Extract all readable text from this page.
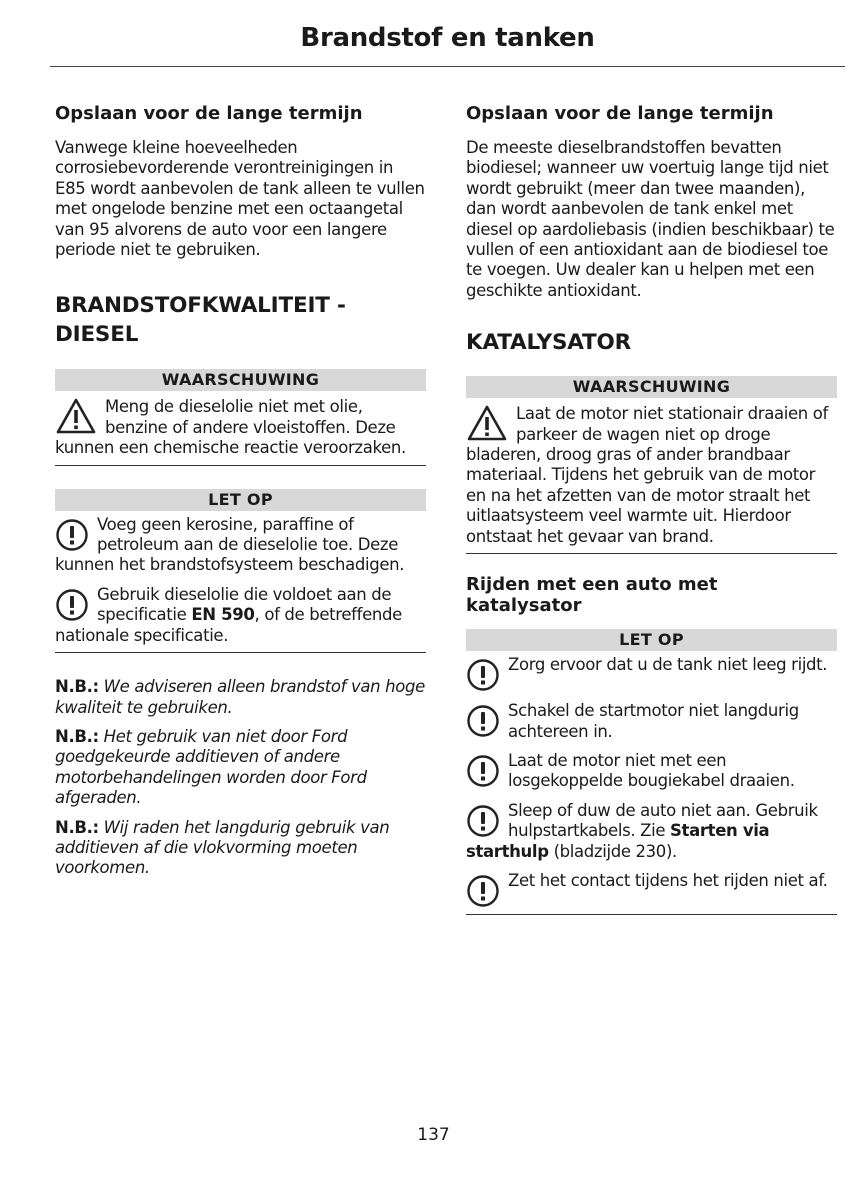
Brandstof en tanken
Opslaan voor de lange termijn

Vanwege kleine hoeveelheden corrosiebevorderende verontreinigingen in E85 wordt aanbevolen de tank alleen te vullen met ongelode benzine met een octaangetal van 95 alvorens de auto voor een langere periode niet te gebruiken.

BRANDSTOFKWALITEIT -
DIESEL
WAARSCHUWING
Meng de dieselolie niet met olie, benzine of andere vloeistoffen. Deze kunnen een chemische reactie veroorzaken.
LET OP
Voeg geen kerosine, paraffine of petroleum aan de dieselolie toe. Deze kunnen het brandstofsysteem beschadigen.
Gebruik dieselolie die voldoet aan de specificatie EN 590, of de betreffende nationale specificatie.

N.B.: We adviseren alleen brandstof van hoge kwaliteit te gebruiken.

N.B.: Het gebruik van niet door Ford goedgekeurde additieven of andere motorbehandelingen worden door Ford afgeraden.

N.B.: Wij raden het langdurig gebruik van additieven af die vlokvorming moeten voorkomen.

Opslaan voor de lange termijn

De meeste dieselbrandstoffen bevatten biodiesel; wanneer uw voertuig lange tijd niet wordt gebruikt (meer dan twee maanden), dan wordt aanbevolen de tank enkel met diesel op aardoliebasis (indien beschikbaar) te vullen of een antioxidant aan de biodiesel toe te voegen. Uw dealer kan u helpen met een geschikte antioxidant.

KATALYSATOR
WAARSCHUWING
Laat de motor niet stationair draaien of parkeer de wagen niet op droge bladeren, droog gras of ander brandbaar materiaal. Tijdens het gebruik van de motor en na het afzetten van de motor straalt het uitlaatsysteem veel warmte uit. Hierdoor ontstaat het gevaar van brand.
Rijden met een auto met katalysator
LET OP
Zorg ervoor dat u de tank niet leeg rijdt.
Schakel de startmotor niet langdurig achtereen in.
Laat de motor niet met een losgekoppelde bougiekabel draaien.
Sleep of duw de auto niet aan. Gebruik hulpstartkabels. Zie Starten via starthulp (bladzijde 230).
Zet het contact tijdens het rijden niet af.
137
